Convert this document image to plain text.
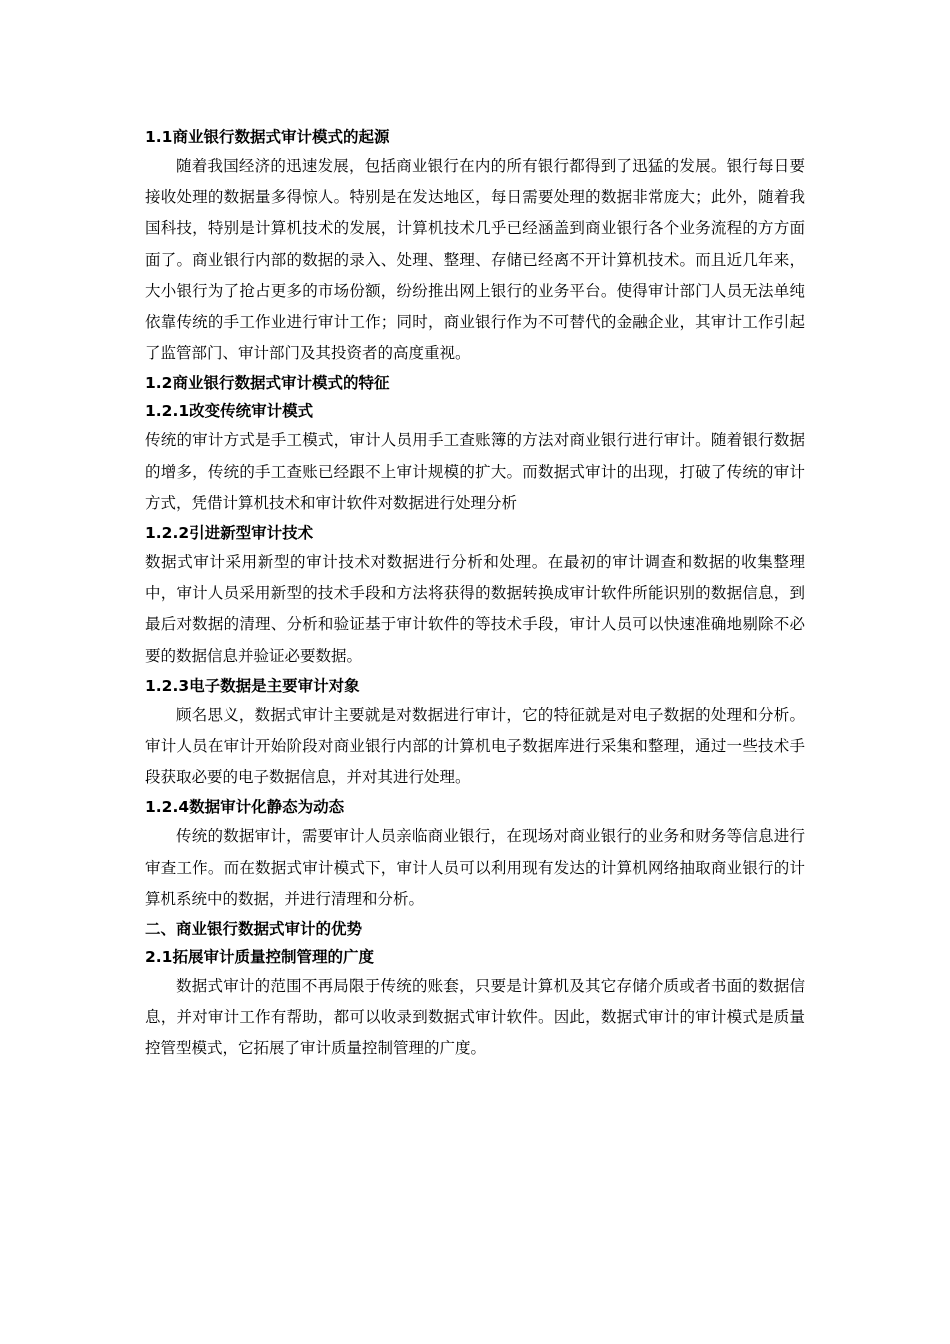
1.1商业银行数据式审计模式的起源

随着我国经济的迅速发展，包括商业银行在内的所有银行都得到了迅猛的发展。银行每日要接收处理的数据量多得惊人。特别是在发达地区，每日需要处理的数据非常庞大；此外，随着我国科技，特别是计算机技术的发展，计算机技术几乎已经涵盖到商业银行各个业务流程的方方面面了。商业银行内部的数据的录入、处理、整理、存储已经离不开计算机技术。而且近几年来，大小银行为了抢占更多的市场份额，纷纷推出网上银行的业务平台。使得审计部门人员无法单纯依靠传统的手工作业进行审计工作；同时，商业银行作为不可替代的金融企业，其审计工作引起了监管部门、审计部门及其投资者的高度重视。

1.2商业银行数据式审计模式的特征
1.2.1改变传统审计模式

传统的审计方式是手工模式，审计人员用手工查账簿的方法对商业银行进行审计。随着银行数据的增多，传统的手工查账已经跟不上审计规模的扩大。而数据式审计的出现，打破了传统的审计方式，凭借计算机技术和审计软件对数据进行处理分析

1.2.2引进新型审计技术

数据式审计采用新型的审计技术对数据进行分析和处理。在最初的审计调查和数据的收集整理中，审计人员采用新型的技术手段和方法将获得的数据转换成审计软件所能识别的数据信息，到最后对数据的清理、分析和验证基于审计软件的等技术手段，审计人员可以快速准确地剔除不必要的数据信息并验证必要数据。

1.2.3电子数据是主要审计对象

顾名思义，数据式审计主要就是对数据进行审计，它的特征就是对电子数据的处理和分析。审计人员在审计开始阶段对商业银行内部的计算机电子数据库进行采集和整理，通过一些技术手段获取必要的电子数据信息，并对其进行处理。

1.2.4数据审计化静态为动态

传统的数据审计，需要审计人员亲临商业银行，在现场对商业银行的业务和财务等信息进行审查工作。而在数据式审计模式下，审计人员可以利用现有发达的计算机网络抽取商业银行的计算机系统中的数据，并进行清理和分析。

二、商业银行数据式审计的优势
2.1拓展审计质量控制管理的广度

数据式审计的范围不再局限于传统的账套，只要是计算机及其它存储介质或者书面的数据信息，并对审计工作有帮助，都可以收录到数据式审计软件。因此，数据式审计的审计模式是质量控管型模式，它拓展了审计质量控制管理的广度。
